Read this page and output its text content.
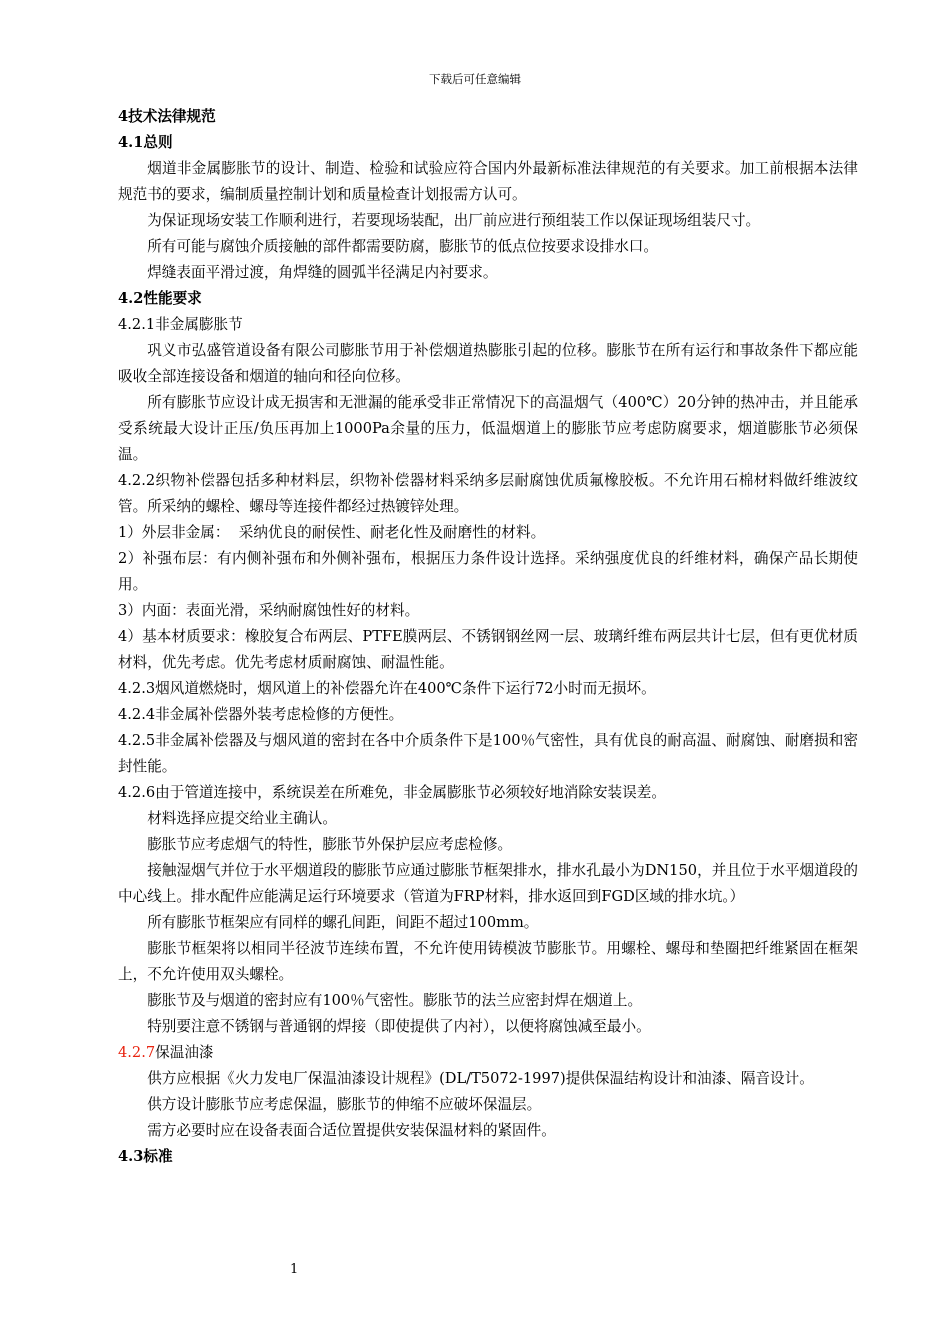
下载后可任意编辑

4技术法律规范

4.1总则

烟道非金属膨胀节的设计、制造、检验和试验应符合国内外最新标准法律规范的有关要求。加工前根据本法律规范书的要求，编制质量控制计划和质量检查计划报需方认可。

为保证现场安装工作顺利进行，若要现场装配，出厂前应进行预组装工作以保证现场组装尺寸。

所有可能与腐蚀介质接触的部件都需要防腐，膨胀节的低点位按要求设排水口。

焊缝表面平滑过渡，角焊缝的圆弧半径满足内衬要求。

4.2性能要求

4.2.1非金属膨胀节

巩义市弘盛管道设备有限公司膨胀节用于补偿烟道热膨胀引起的位移。膨胀节在所有运行和事故条件下都应能吸收全部连接设备和烟道的轴向和径向位移。

所有膨胀节应设计成无损害和无泄漏的能承受非正常情况下的高温烟气（400℃）20分钟的热冲击，并且能承受系统最大设计正压/负压再加上1000Pa余量的压力，低温烟道上的膨胀节应考虑防腐要求，烟道膨胀节必须保温。

4.2.2织物补偿器包括多种材料层，织物补偿器材料采纳多层耐腐蚀优质氟橡胶板。不允许用石棉材料做纤维波纹管。所采纳的螺栓、螺母等连接件都经过热镀锌处理。

1）外层非金属：  采纳优良的耐侯性、耐老化性及耐磨性的材料。

2）补强布层：有内侧补强布和外侧补强布，根据压力条件设计选择。采纳强度优良的纤维材料，确保产品长期使用。

3）内面：表面光滑，采纳耐腐蚀性好的材料。

4）基本材质要求：橡胶复合布两层、PTFE膜两层、不锈钢钢丝网一层、玻璃纤维布两层共计七层，但有更优材质材料，优先考虑。优先考虑材质耐腐蚀、耐温性能。

4.2.3烟风道燃烧时，烟风道上的补偿器允许在400℃条件下运行72小时而无损坏。

4.2.4非金属补偿器外装考虑检修的方便性。

4.2.5非金属补偿器及与烟风道的密封在各中介质条件下是100％气密性，具有优良的耐高温、耐腐蚀、耐磨损和密封性能。

4.2.6由于管道连接中，系统误差在所难免，非金属膨胀节必须较好地消除安装误差。

材料选择应提交给业主确认。

膨胀节应考虑烟气的特性，膨胀节外保护层应考虑检修。

接触湿烟气并位于水平烟道段的膨胀节应通过膨胀节框架排水，排水孔最小为DN150，并且位于水平烟道段的中心线上。排水配件应能满足运行环境要求（管道为FRP材料，排水返回到FGD区域的排水坑。）

所有膨胀节框架应有同样的螺孔间距，间距不超过100mm。

膨胀节框架将以相同半径波节连续布置，不允许使用铸模波节膨胀节。用螺栓、螺母和垫圈把纤维紧固在框架上，不允许使用双头螺栓。

膨胀节及与烟道的密封应有100％气密性。膨胀节的法兰应密封焊在烟道上。

特别要注意不锈钢与普通钢的焊接（即使提供了内衬），以便将腐蚀减至最小。

4.2.7保温油漆

供方应根据《火力发电厂保温油漆设计规程》(DL/T5072-1997)提供保温结构设计和油漆、隔音设计。

供方设计膨胀节应考虑保温，膨胀节的伸缩不应破坏保温层。

需方必要时应在设备表面合适位置提供安装保温材料的紧固件。

4.3标准

1
